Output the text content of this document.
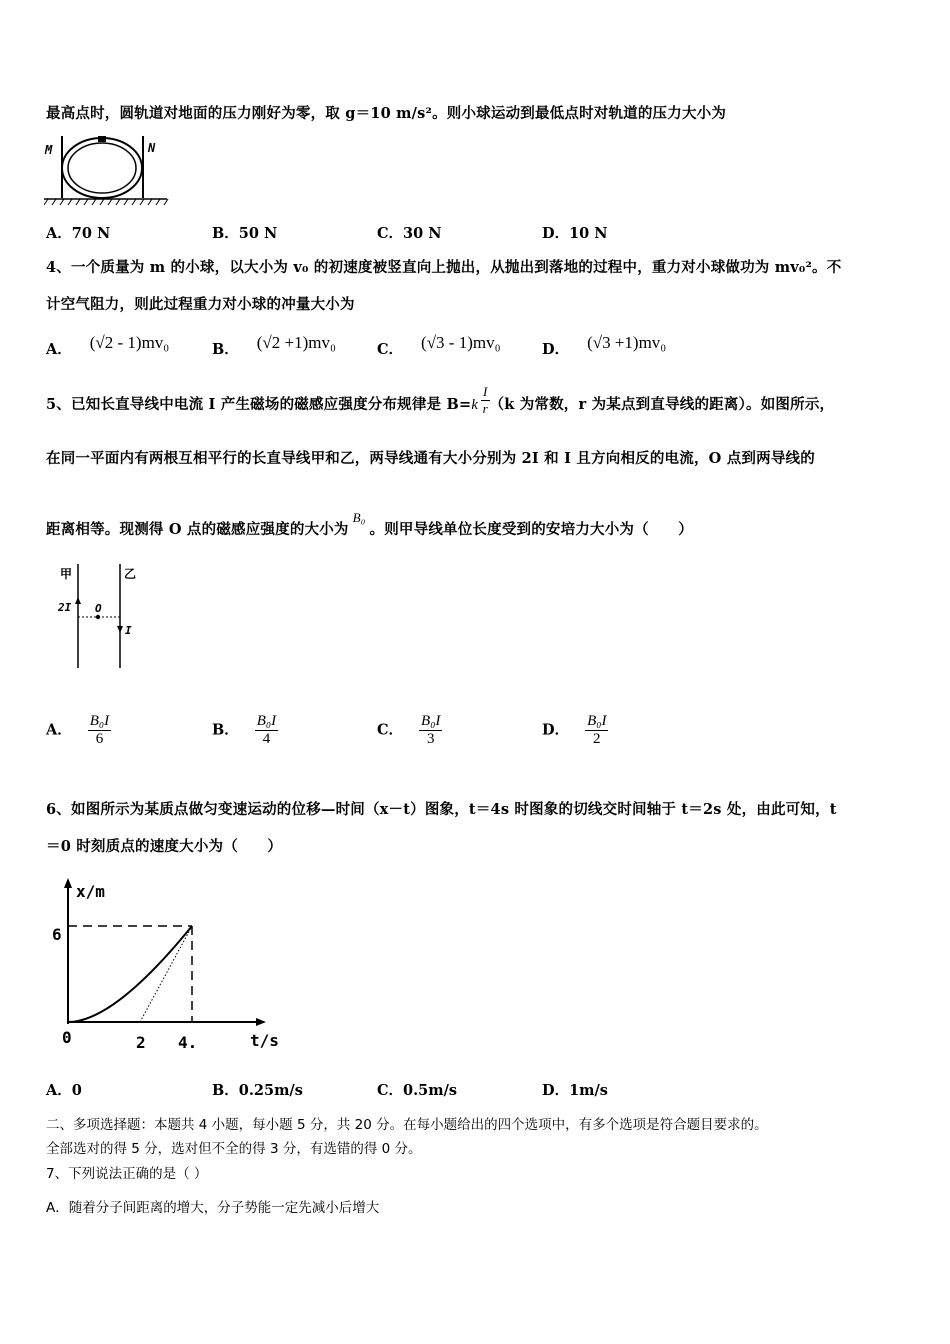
最高点时，圆轨道对地面的压力刚好为零，取 g＝10 m/s²。则小球运动到最低点时对轨道的压力大小为
M	N
A．70 N	B．50 N	C．30 N	D．10 N
4、一个质量为 m 的小球，以大小为 v₀ 的初速度被竖直向上抛出，从抛出到落地的过程中，重力对小球做功为 mv₀²。不
计空气阻力，则此过程重力对小球的冲量大小为
A． (√2 - 1)mv₀	B． (√2 +1)mv₀	C． (√3 - 1)mv₀	D． (√3 +1)mv₀
5、已知长直导线中电流 I 产生磁场的磁感应强度分布规律是 $B=k \frac{I}{r} (k$ 为常数，r 为某点到直导线的距离）。如图所示，
在同一平面内有两根互相平行的长直导线甲和乙，两导线通有大小分别为 2I 和 I 且方向相反的电流，O 点到两导线的
距离相等。现测得 O 点的磁感应强度的大小为B₀。则甲导线单位长度受到的安培力大小为（　　）
甲	乙
2I O
I
A． $\frac{\text{B₀I}}{6}$	B． $\frac{\text{B₀I}}{4}$	C． $\frac{\text{B₀I}}{3}$	D． $\frac{\text{B₀I}}{2}$
6、如图所示为某质点做匀变速运动的位移—时间（x－t）图象，t＝4s 时图象的切线交时间轴于 t＝2s 处，由此可知，t
＝0 时刻质点的速度大小为（　　）
x/m
6
0	2 4.	t/s
A．0	B．0.25m/s	C．0.5m/s	D．1m/s
二、多项选择题：本题共 4 小题，每小题 5 分，共 20 分。在每小题给出的四个选项中，有多个选项是符合题目要求的。
全部选对的得 5 分，选对但不全的得 3 分，有选错的得 0 分。
7、下列说法正确的是（ ）
A．随着分子间距离的增大，分子势能一定先减小后增大
